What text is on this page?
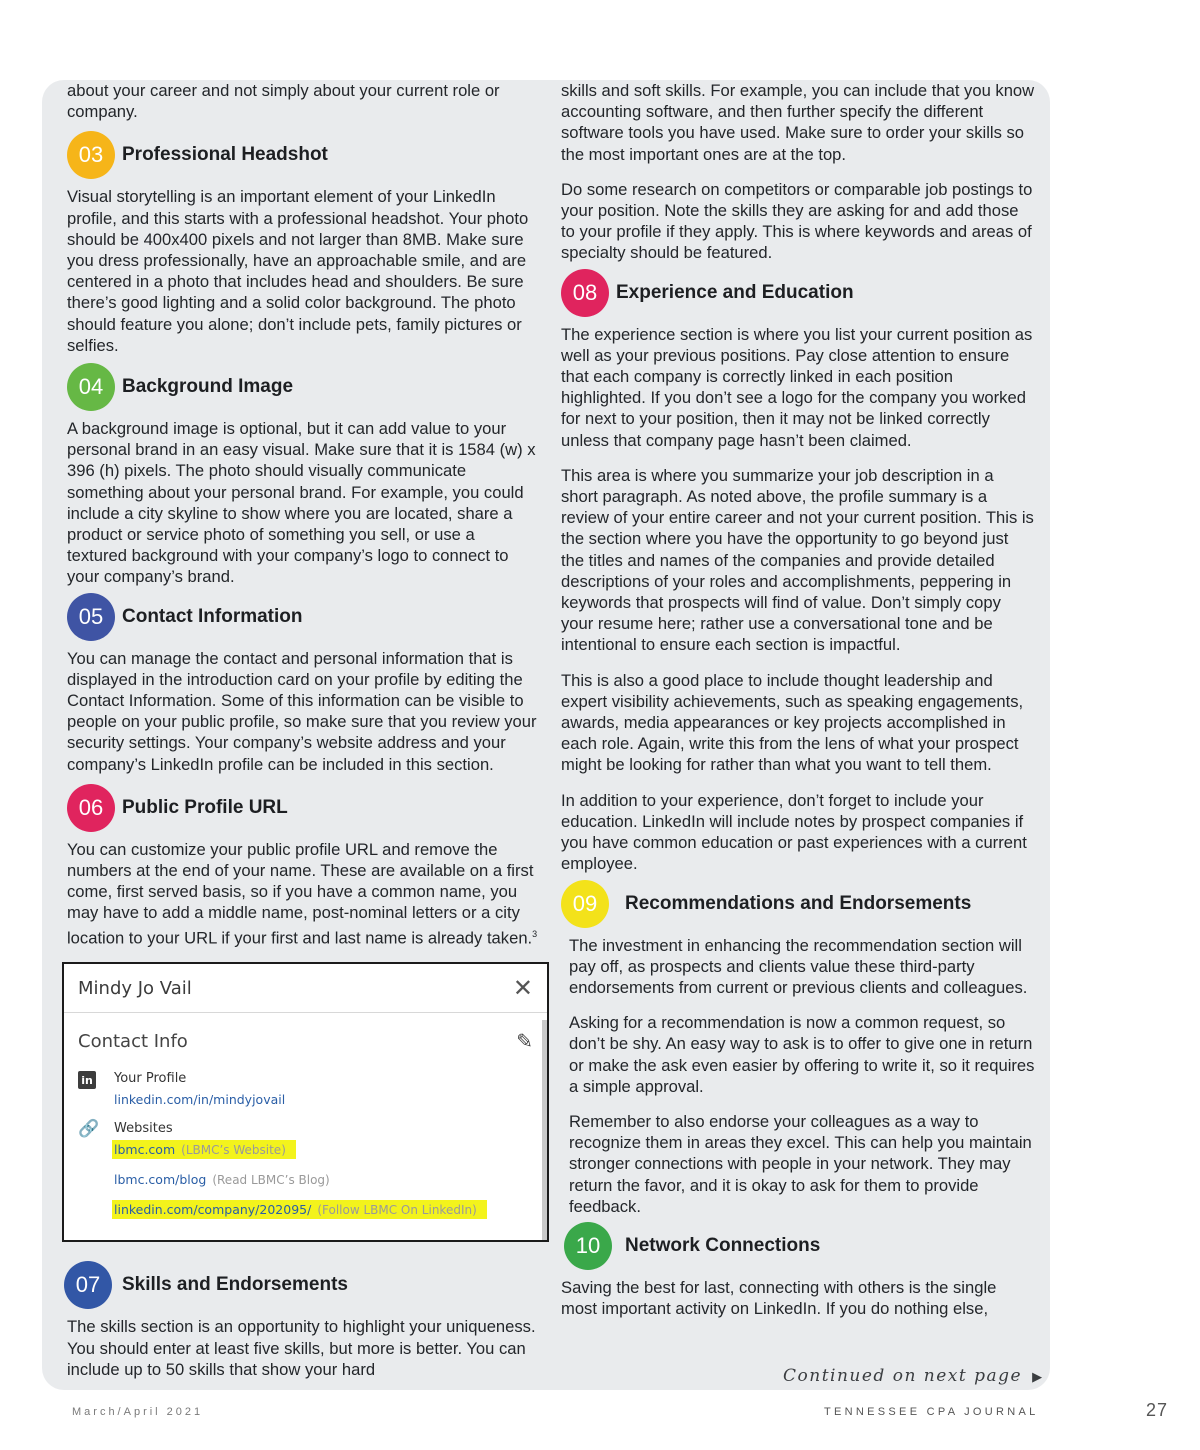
about your career and not simply about your current role or company.

03 Professional Headshot

Visual storytelling is an important element of your LinkedIn profile, and this starts with a professional headshot. Your photo should be 400x400 pixels and not larger than 8MB. Make sure you dress professionally, have an approachable smile, and are centered in a photo that includes head and shoulders. Be sure there’s good lighting and a solid color background. The photo should feature you alone; don’t include pets, family pictures or selfies.

04 Background Image

A background image is optional, but it can add value to your personal brand in an easy visual. Make sure that it is 1584 (w) x 396 (h) pixels. The photo should visually communicate something about your personal brand. For example, you could include a city skyline to show where you are located, share a product or service photo of something you sell, or use a textured background with your company’s logo to connect to your company’s brand.

05 Contact Information

You can manage the contact and personal information that is displayed in the introduction card on your profile by editing the Contact Information. Some of this information can be visible to people on your public profile, so make sure that you review your security settings. Your company’s website address and your company’s LinkedIn profile can be included in this section.

06 Public Profile URL

You can customize your public profile URL and remove the numbers at the end of your name. These are available on a first come, first served basis, so if you have a common name, you may have to add a middle name, post-nominal letters or a city location to your URL if your first and last name is already taken.$^3$

Mindy Jo Vail	✕
Contact Info	✎
in Your Profile
linkedin.com/in/mindyjovail
🔗	Websites
lbmc.com (LBMC’s Website)
lbmc.com/blog (Read LBMC’s Blog)
linkedin.com/company/202095/ (Follow LBMC On LinkedIn)
07	Skills and Endorsements

The skills section is an opportunity to highlight your uniqueness. You should enter at least five skills, but more is better. You can include up to 50 skills that show your hard

skills and soft skills. For example, you can include that you know accounting software, and then further specify the different software tools you have used. Make sure to order your skills so the most important ones are at the top.

Do some research on competitors or comparable job postings to your position. Note the skills they are asking for and add those to your profile if they apply. This is where keywords and areas of specialty should be featured.

08 Experience and Education

The experience section is where you list your current position as well as your previous positions. Pay close attention to ensure that each company is correctly linked in each position highlighted. If you don’t see a logo for the company you worked for next to your position, then it may not be linked correctly unless that company page hasn’t been claimed.

This area is where you summarize your job description in a short paragraph. As noted above, the profile summary is a review of your entire career and not your current position. This is the section where you have the opportunity to go beyond just the titles and names of the companies and provide detailed descriptions of your roles and accomplishments, peppering in keywords that prospects will find of value. Don’t simply copy your resume here; rather use a conversational tone and be intentional to ensure each section is impactful.

This is also a good place to include thought leadership and expert visibility achievements, such as speaking engagements, awards, media appearances or key projects accomplished in each role. Again, write this from the lens of what your prospect might be looking for rather than what you want to tell them.

In addition to your experience, don’t forget to include your education. LinkedIn will include notes by prospect companies if you have common education or past experiences with a current employee.

09	Recommendations and Endorsements

The investment in enhancing the recommendation section will pay off, as prospects and clients value these third-party endorsements from current or previous clients and colleagues.

Asking for a recommendation is now a common request, so don’t be shy. An easy way to ask is to offer to give one in return or make the ask even easier by offering to write it, so it requires a simple approval.

Remember to also endorse your colleagues as a way to recognize them in areas they excel. This can help you maintain stronger connections with people in your network. They may return the favor, and it is okay to ask for them to provide feedback.

10	Network Connections

Saving the best for last, connecting with others is the single most important activity on LinkedIn. If you do nothing else,

Continued on next page ▶
March/April 2021	TENNESSEE CPA JOURNAL	27
